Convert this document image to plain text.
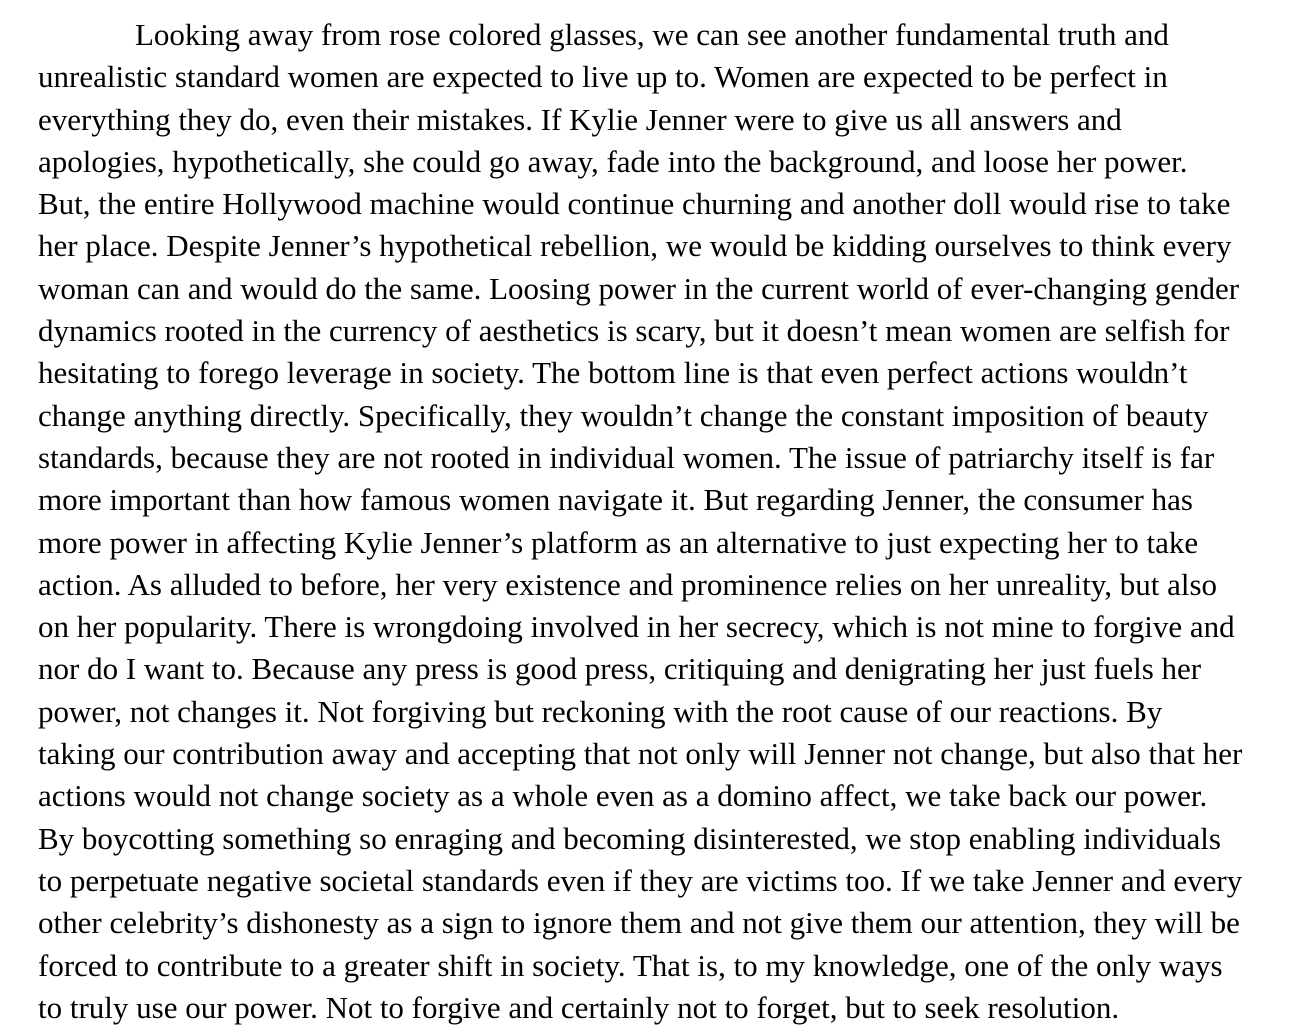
Looking away from rose colored glasses, we can see another fundamental truth and
unrealistic standard women are expected to live up to. Women are expected to be perfect in
everything they do, even their mistakes. If Kylie Jenner were to give us all answers and
apologies, hypothetically, she could go away, fade into the background, and loose her power.
But, the entire Hollywood machine would continue churning and another doll would rise to take
her place. Despite Jenner’s hypothetical rebellion, we would be kidding ourselves to think every
woman can and would do the same. Loosing power in the current world of ever-changing gender
dynamics rooted in the currency of aesthetics is scary, but it doesn’t mean women are selfish for
hesitating to forego leverage in society. The bottom line is that even perfect actions wouldn’t
change anything directly. Specifically, they wouldn’t change the constant imposition of beauty
standards, because they are not rooted in individual women. The issue of patriarchy itself is far
more important than how famous women navigate it. But regarding Jenner, the consumer has
more power in affecting Kylie Jenner’s platform as an alternative to just expecting her to take
action. As alluded to before, her very existence and prominence relies on her unreality, but also
on her popularity. There is wrongdoing involved in her secrecy, which is not mine to forgive and
nor do I want to. Because any press is good press, critiquing and denigrating her just fuels her
power, not changes it. Not forgiving but reckoning with the root cause of our reactions. By
taking our contribution away and accepting that not only will Jenner not change, but also that her
actions would not change society as a whole even as a domino affect, we take back our power.
By boycotting something so enraging and becoming disinterested, we stop enabling individuals
to perpetuate negative societal standards even if they are victims too. If we take Jenner and every
other celebrity’s dishonesty as a sign to ignore them and not give them our attention, they will be
forced to contribute to a greater shift in society. That is, to my knowledge, one of the only ways
to truly use our power. Not to forgive and certainly not to forget, but to seek resolution.
